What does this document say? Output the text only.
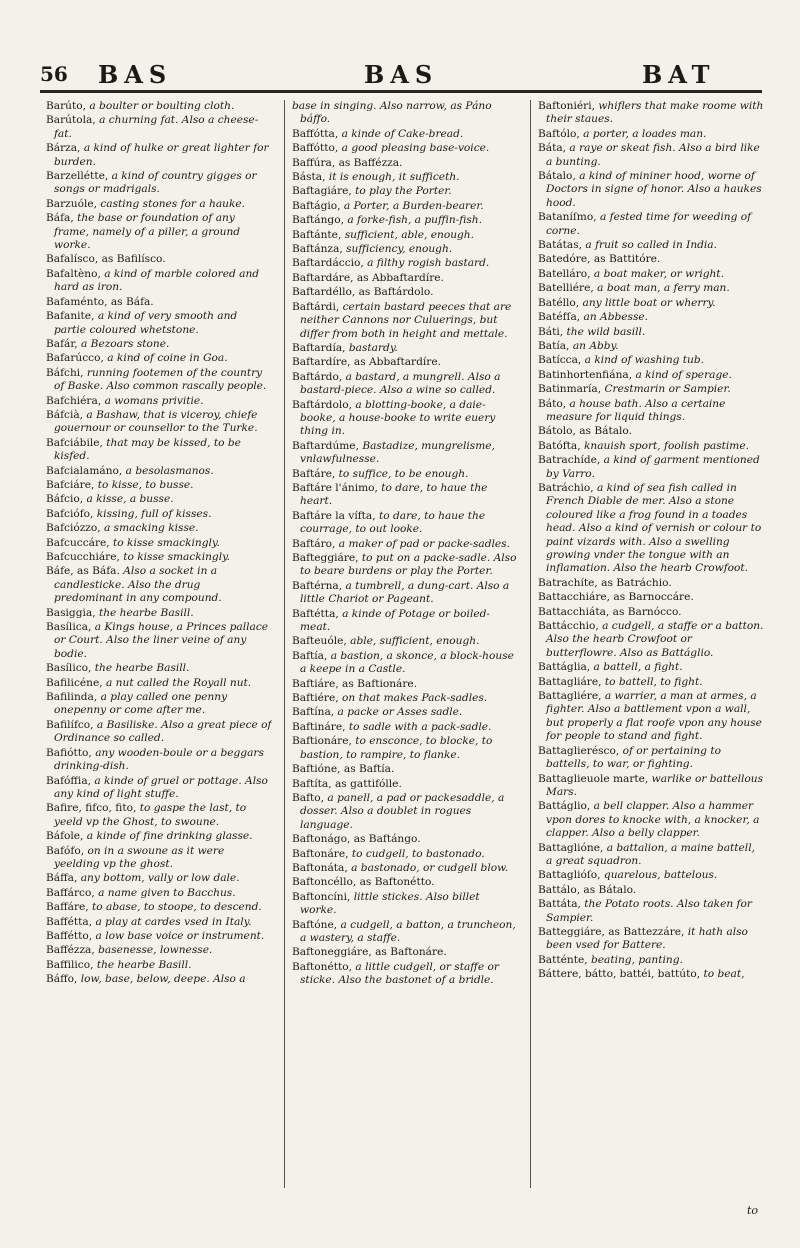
56 BAS	BAS	BAT
Barúto, a boulter or boulting cloth.
Barútola, a churning fat. Also a cheese-fat.
Bárza, a kind of hulke or great lighter for burden.
Barzellétte, a kind of country gigges or songs or madrigals.
Barzuóle, casting stones for a hauke.
Báfa, the base or foundation of any frame, namely of a piller, a ground worke.
Bafalísco, as Bafilísco.
Bafaltèno, a kind of marble colored and hard as iron.
Bafaménto, as Báfa.
Bafanite, a kind of very smooth and partie coloured whetstone.
Bafár, a Bezoars stone.
Bafarúcco, a kind of coine in Goa.
Báfchi, running footemen of the country of Baske. Also common rascally people.
Bafchiéra, a womans privitie.
Báfcià, a Bashaw, that is viceroy, chiefe gouernour or counsellor to the Turke.
Bafciábile, that may be kissed, to be kisfed.
Bafcialamáno, a besolasmanos.
Bafciáre, to kisse, to busse.
Báfcio, a kisse, a busse.
Bafciófo, kissing, full of kisses.
Bafciózzo, a smacking kisse.
Bafcuccáre, to kisse smackingly.
Bafcucchiáre, to kisse smackingly.
Báfe, as Báfa. Also a socket in a candlesticke. Also the drug predominant in any compound.
Basiggia, the hearbe Basill.
Basílica, a Kings house, a Princes pallace or Court. Also the liner veine of any bodie.
Basílico, the hearbe Basill.
Bafilicéne, a nut called the Royall nut.
Bafilinda, a play called one penny onepenny or come after me.
Bafilífco, a Basiliske. Also a great piece of Ordinance so called.
Bafiótto, any wooden-boule or a beggars drinking-dish.
Bafóffia, a kinde of gruel or pottage. Also any kind of light stuffe.
Bafire, fifco, fito, to gaspe the last, to yeeld vp the Ghost, to swoune.
Báfole, a kinde of fine drinking glasse.
Bafófo, on in a swoune as it were yeelding vp the ghost.
Báffa, any bottom, vally or low dale.
Baffárco, a name given to Bacchus.
Baffáre, to abase, to stoope, to descend.
Baffétta, a play at cardes vsed in Italy.
Baffétto, a low base voice or instrument.
Baffézza, basenesse, lownesse.
Baffilico, the hearbe Basill.
Báffo, low, base, below, deepe. Also a
base in singing. Also narrow, as Páno báffo.
Baffótta, a kinde of Cake-bread.
Baffótto, a good pleasing base-voice.
Baffúra, as Baffézza.
Básta, it is enough, it sufficeth.
Baftagiáre, to play the Porter.
Baftágio, a Porter, a Burden-bearer.
Baftángo, a forke-fish, a puffin-fish.
Baftánte, sufficient, able, enough.
Baftánza, sufficiency, enough.
Baftardáccio, a filthy rogish bastard.
Baftardáre, as Abbaftardíre.
Baftardéllo, as Baftárdolo.
Baftárdi, certain bastard peeces that are neither Cannons nor Culuerings, but differ from both in height and mettale.
Baftardía, bastardy.
Baftardíre, as Abbaftardíre.
Baftárdo, a bastard, a mungrell. Also a bastard-piece. Also a wine so called.
Baftárdolo, a blotting-booke, a daie-booke, a house-booke to write euery thing in.
Baftardúme, Bastadize, mungrelisme, vnlawfulnesse.
Baftáre, to suffice, to be enough.
Baftáre l'ánimo, to dare, to haue the heart.
Baftáre la vífta, to dare, to haue the courrage, to out looke.
Baftáro, a maker of pad or packe-sadles.
Bafteggiáre, to put on a packe-sadle. Also to beare burdens or play the Porter.
Baftérna, a tumbrell, a dung-cart. Also a little Chariot or Pageant.
Baftétta, a kinde of Potage or boiled-meat.
Bafteuóle, able, sufficient, enough.
Baftía, a bastion, a skonce, a block-house a keepe in a Castle.
Baftiáre, as Baftionáre.
Baftiére, on that makes Pack-sadles.
Baftína, a packe or Asses sadle.
Baftináre, to sadle with a pack-sadle.
Baftionáre, to ensconce, to blocke, to bastion, to rampire, to flanke.
Baftióne, as Baftía.
Baftíta, as gattifólle.
Bafto, a panell, a pad or packesaddle, a dosser. Also a doublet in rogues language.
Baftonágo, as Baftángo.
Baftonáre, to cudgell, to bastonado.
Baftonáta, a bastonado, or cudgell blow.
Baftoncéllo, as Baftonétto.
Baftoncíni, little stickes. Also billet worke.
Baftóne, a cudgell, a batton, a truncheon, a wastery, a staffe.
Baftoneggiáre, as Baftonáre.
Baftonétto, a little cudgell, or staffe or sticke. Also the bastonet of a bridle.
Baftoniéri, whiflers that make roome with their staues.
Baftólo, a porter, a loades man.
Báta, a raye or skeat fish. Also a bird like a bunting.
Bátalo, a kind of mininer hood, worne of Doctors in signe of honor. Also a haukes hood.
Bataníſmo, a fested time for weeding of corne.
Batátas, a fruit so called in India.
Batedóre, as Battitóre.
Batelláro, a boat maker, or wright.
Batelliére, a boat man, a ferry man.
Batéllo, any little boat or wherry.
Batéfſa, an Abbesse.
Báti, the wild basill.
Batía, an Abby.
Batícca, a kind of washing tub.
Batinhortenfiána, a kind of sperage.
Batinmaría, Crestmarin or Sampier.
Báto, a house bath. Also a certaine measure for liquid things.
Bátolo, as Bátalo.
Batófta, knauish sport, foolish pastime.
Batrachíde, a kind of garment mentioned by Varro.
Batráchio, a kind of sea fish called in French Diable de mer. Also a stone coloured like a frog found in a toades head. Also a kind of vernish or colour to paint vizards with. Also a swelling growing vnder the tongue with an inflamation. Also the hearb Crowfoot.
Batrachíte, as Batráchio.
Battacchiáre, as Barnoccáre.
Battacchiáta, as Barnócco.
Battácchio, a cudgell, a staffe or a batton. Also the hearb Crowfoot or butterflowre. Also as Battáglio.
Battáglia, a battell, a fight.
Battagliáre, to battell, to fight.
Battagliére, a warrier, a man at armes, a fighter. Also a battlement vpon a wall, but properly a flat roofe vpon any house for people to stand and fight.
Battaglierésco, of or pertaining to battells, to war, or fighting.
Battaglieuole marte, warlike or battellous Mars.
Battáglio, a bell clapper. Also a hammer vpon dores to knocke with, a knocker, a clapper. Also a belly clapper.
Battaglióne, a battalion, a maine battell, a great squadron.
Battaglióſo, quarelous, battelous.
Battálo, as Bátalo.
Battáta, the Potato roots. Also taken for Sampier.
Batteggiáre, as Battezzáre, it hath also been vsed for Battere.
Batténte, beating, panting.
Báttere, bátto, battéi, battúto, to beat,
to
